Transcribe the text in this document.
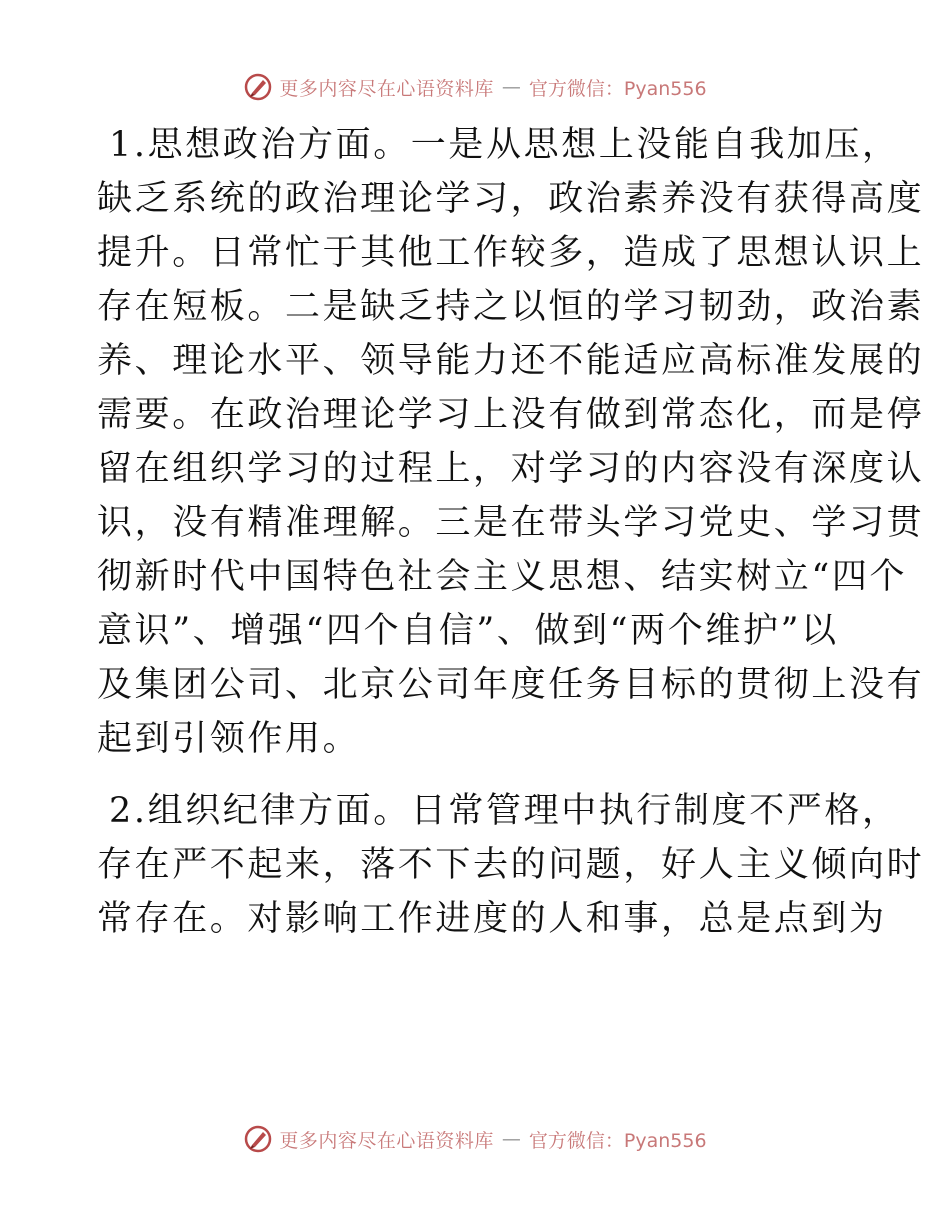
更多内容尽在心语资料库 — 官方微信：Pyan556

1.思想政治方面。一是从思想上没能自我加压，
缺乏系统的政治理论学习，政治素养没有获得高度
提升。日常忙于其他工作较多，造成了思想认识上
存在短板。二是缺乏持之以恒的学习韧劲，政治素
养、理论水平、领导能力还不能适应高标准发展的
需要。在政治理论学习上没有做到常态化，而是停
留在组织学习的过程上，对学习的内容没有深度认
识，没有精准理解。三是在带头学习党史、学习贯
彻新时代中国特色社会主义思想、结实树立“四个
意识”、增强“四个自信”、做到“两个维护”以
及集团公司、北京公司年度任务目标的贯彻上没有
起到引领作用。

2.组织纪律方面。日常管理中执行制度不严格，
存在严不起来，落不下去的问题，好人主义倾向时
常存在。对影响工作进度的人和事，总是点到为

更多内容尽在心语资料库 — 官方微信：Pyan556
